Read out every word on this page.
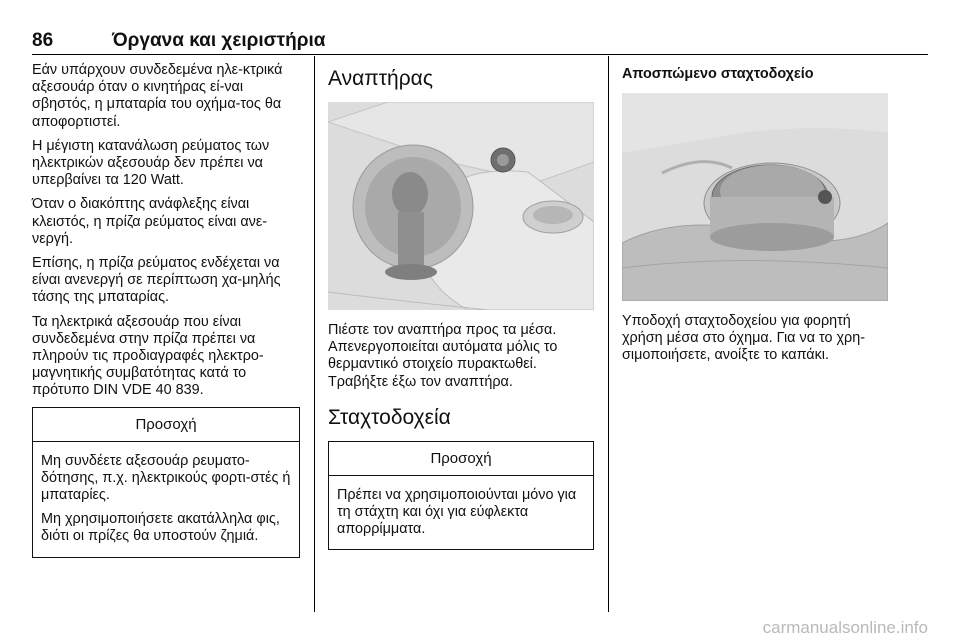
86	Όργανα και χειριστήρια

Εάν υπάρχουν συνδεδεμένα ηλε-κτρικά αξεσουάρ όταν ο κινητήρας εί-ναι σβηστός, η μπαταρία του οχήμα-τος θα αποφορτιστεί.

Η μέγιστη κατανάλωση ρεύματος των ηλεκτρικών αξεσουάρ δεν πρέπει να υπερβαίνει τα 120 Watt.

Όταν ο διακόπτης ανάφλεξης είναι κλειστός, η πρίζα ρεύματος είναι ανε-νεργή.

Επίσης, η πρίζα ρεύματος ενδέχεται να είναι ανενεργή σε περίπτωση χα-μηλής τάσης της μπαταρίας.

Τα ηλεκτρικά αξεσουάρ που είναι συνδεδεμένα στην πρίζα πρέπει να πληρούν τις προδιαγραφές ηλεκτρο-μαγνητικής συμβατότητας κατά το πρότυπο DIN VDE 40 839.

Προσοχή

Μη συνδέετε αξεσουάρ ρευματο-δότησης, π.χ. ηλεκτρικούς φορτι-στές ή μπαταρίες.

Μη χρησιμοποιήσετε ακατάλληλα φις, διότι οι πρίζες θα υποστούν ζημιά.

Αναπτήρας

Πιέστε τον αναπτήρα προς τα μέσα. Απενεργοποιείται αυτόματα μόλις το θερμαντικό στοιχείο πυρακτωθεί. Τραβήξτε έξω τον αναπτήρα.

Σταχτοδοχεία
Προσοχή

Πρέπει να χρησιμοποιούνται μόνο για τη στάχτη και όχι για εύφλεκτα απορρίμματα.

Αποσπώμενο σταχτοδοχείο

Υποδοχή σταχτοδοχείου για φορητή χρήση μέσα στο όχημα. Για να το χρη-σιμοποιήσετε, ανοίξτε το καπάκι.

carmanualsonline.info
